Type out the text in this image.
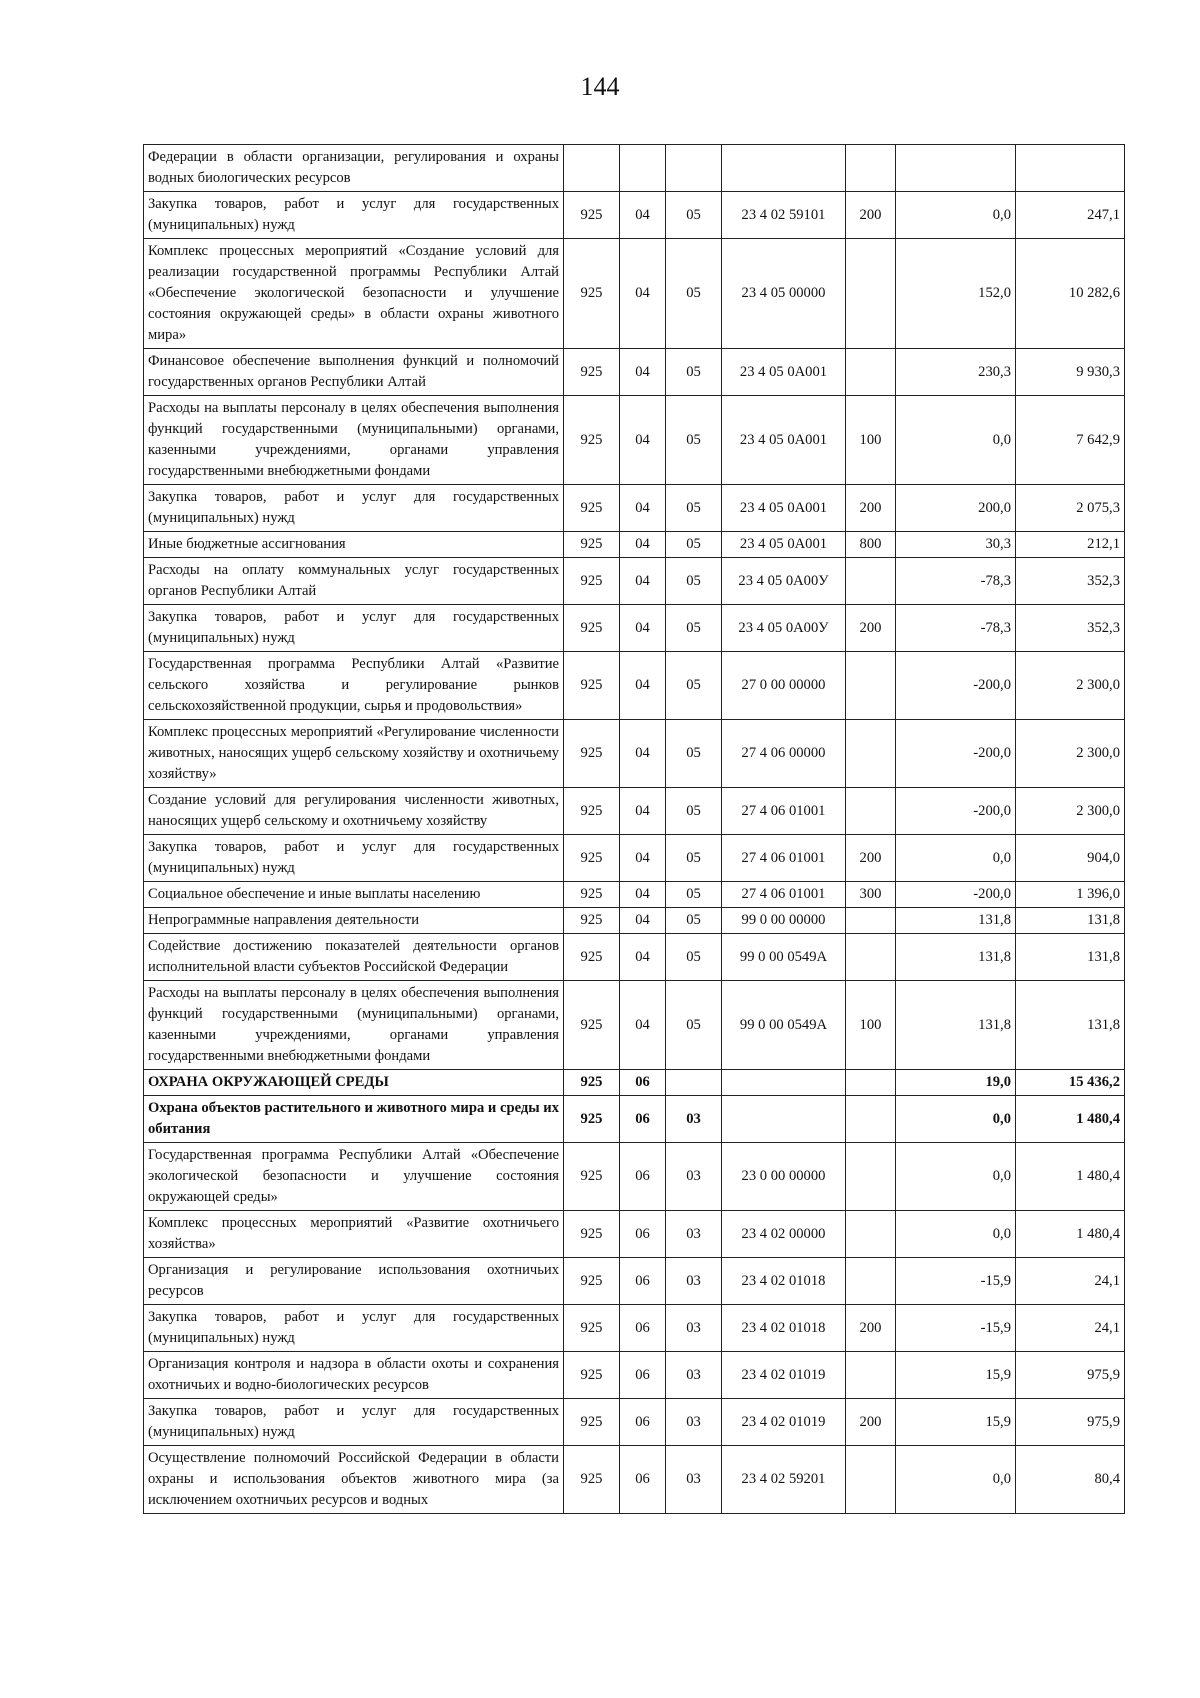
144
Федерации в области организации, регулирования и охраны водных биологических ресурсов							
Закупка товаров, работ и услуг для государственных (муниципальных) нужд	925	04	05	23 4 02 59101	200	0,0	247,1
Комплекс процессных мероприятий «Создание условий для реализации государственной программы Республики Алтай «Обеспечение экологической безопасности и улучшение состояния окружающей среды» в области охраны животного мира»	925	04	05	23 4 05 00000		152,0	10 282,6
Финансовое обеспечение выполнения функций и полномочий государственных органов Республики Алтай	925	04	05	23 4 05 0А001		230,3	9 930,3
Расходы на выплаты персоналу в целях обеспечения выполнения функций государственными (муниципальными) органами, казенными учреждениями, органами управления государственными внебюджетными фондами	925	04	05	23 4 05 0А001	100	0,0	7 642,9
Закупка товаров, работ и услуг для государственных (муниципальных) нужд	925	04	05	23 4 05 0А001	200	200,0	2 075,3
Иные бюджетные ассигнования	925	04	05	23 4 05 0А001	800	30,3	212,1
Расходы на оплату коммунальных услуг государственных органов Республики Алтай	925	04	05	23 4 05 0А00У		-78,3	352,3
Закупка товаров, работ и услуг для государственных (муниципальных) нужд	925	04	05	23 4 05 0А00У	200	-78,3	352,3
Государственная программа Республики Алтай «Развитие сельского хозяйства и регулирование рынков сельскохозяйственной продукции, сырья и продовольствия»	925	04	05	27 0 00 00000		-200,0	2 300,0
Комплекс процессных мероприятий «Регулирование численности животных, наносящих ущерб сельскому хозяйству и охотничьему хозяйству»	925	04	05	27 4 06 00000		-200,0	2 300,0
Создание условий для регулирования численности животных, наносящих ущерб сельскому и охотничьему хозяйству	925	04	05	27 4 06 01001		-200,0	2 300,0
Закупка товаров, работ и услуг для государственных (муниципальных) нужд	925	04	05	27 4 06 01001	200	0,0	904,0
Социальное обеспечение и иные выплаты населению	925	04	05	27 4 06 01001	300	-200,0	1 396,0
Непрограммные направления деятельности	925	04	05	99 0 00 00000		131,8	131,8
Содействие достижению показателей деятельности органов исполнительной власти субъектов Российской Федерации	925	04	05	99 0 00 0549А		131,8	131,8
Расходы на выплаты персоналу в целях обеспечения выполнения функций государственными (муниципальными) органами, казенными учреждениями, органами управления государственными внебюджетными фондами	925	04	05	99 0 00 0549А	100	131,8	131,8
ОХРАНА ОКРУЖАЮЩЕЙ СРЕДЫ	925	06				19,0	15 436,2
Охрана объектов растительного и животного мира и среды их обитания	925	06	03			0,0	1 480,4
Государственная программа Республики Алтай «Обеспечение экологической безопасности и улучшение состояния окружающей среды»	925	06	03	23 0 00 00000		0,0	1 480,4
Комплекс процессных мероприятий «Развитие охотничьего хозяйства»	925	06	03	23 4 02 00000		0,0	1 480,4
Организация и регулирование использования охотничьих ресурсов	925	06	03	23 4 02 01018		-15,9	24,1
Закупка товаров, работ и услуг для государственных (муниципальных) нужд	925	06	03	23 4 02 01018	200	-15,9	24,1
Организация контроля и надзора в области охоты и сохранения охотничьих и водно-биологических ресурсов	925	06	03	23 4 02 01019		15,9	975,9
Закупка товаров, работ и услуг для государственных (муниципальных) нужд	925	06	03	23 4 02 01019	200	15,9	975,9
Осуществление полномочий Российской Федерации в области охраны и использования объектов животного мира (за исключением охотничьих ресурсов и водных	925	06	03	23 4 02 59201		0,0	80,4
